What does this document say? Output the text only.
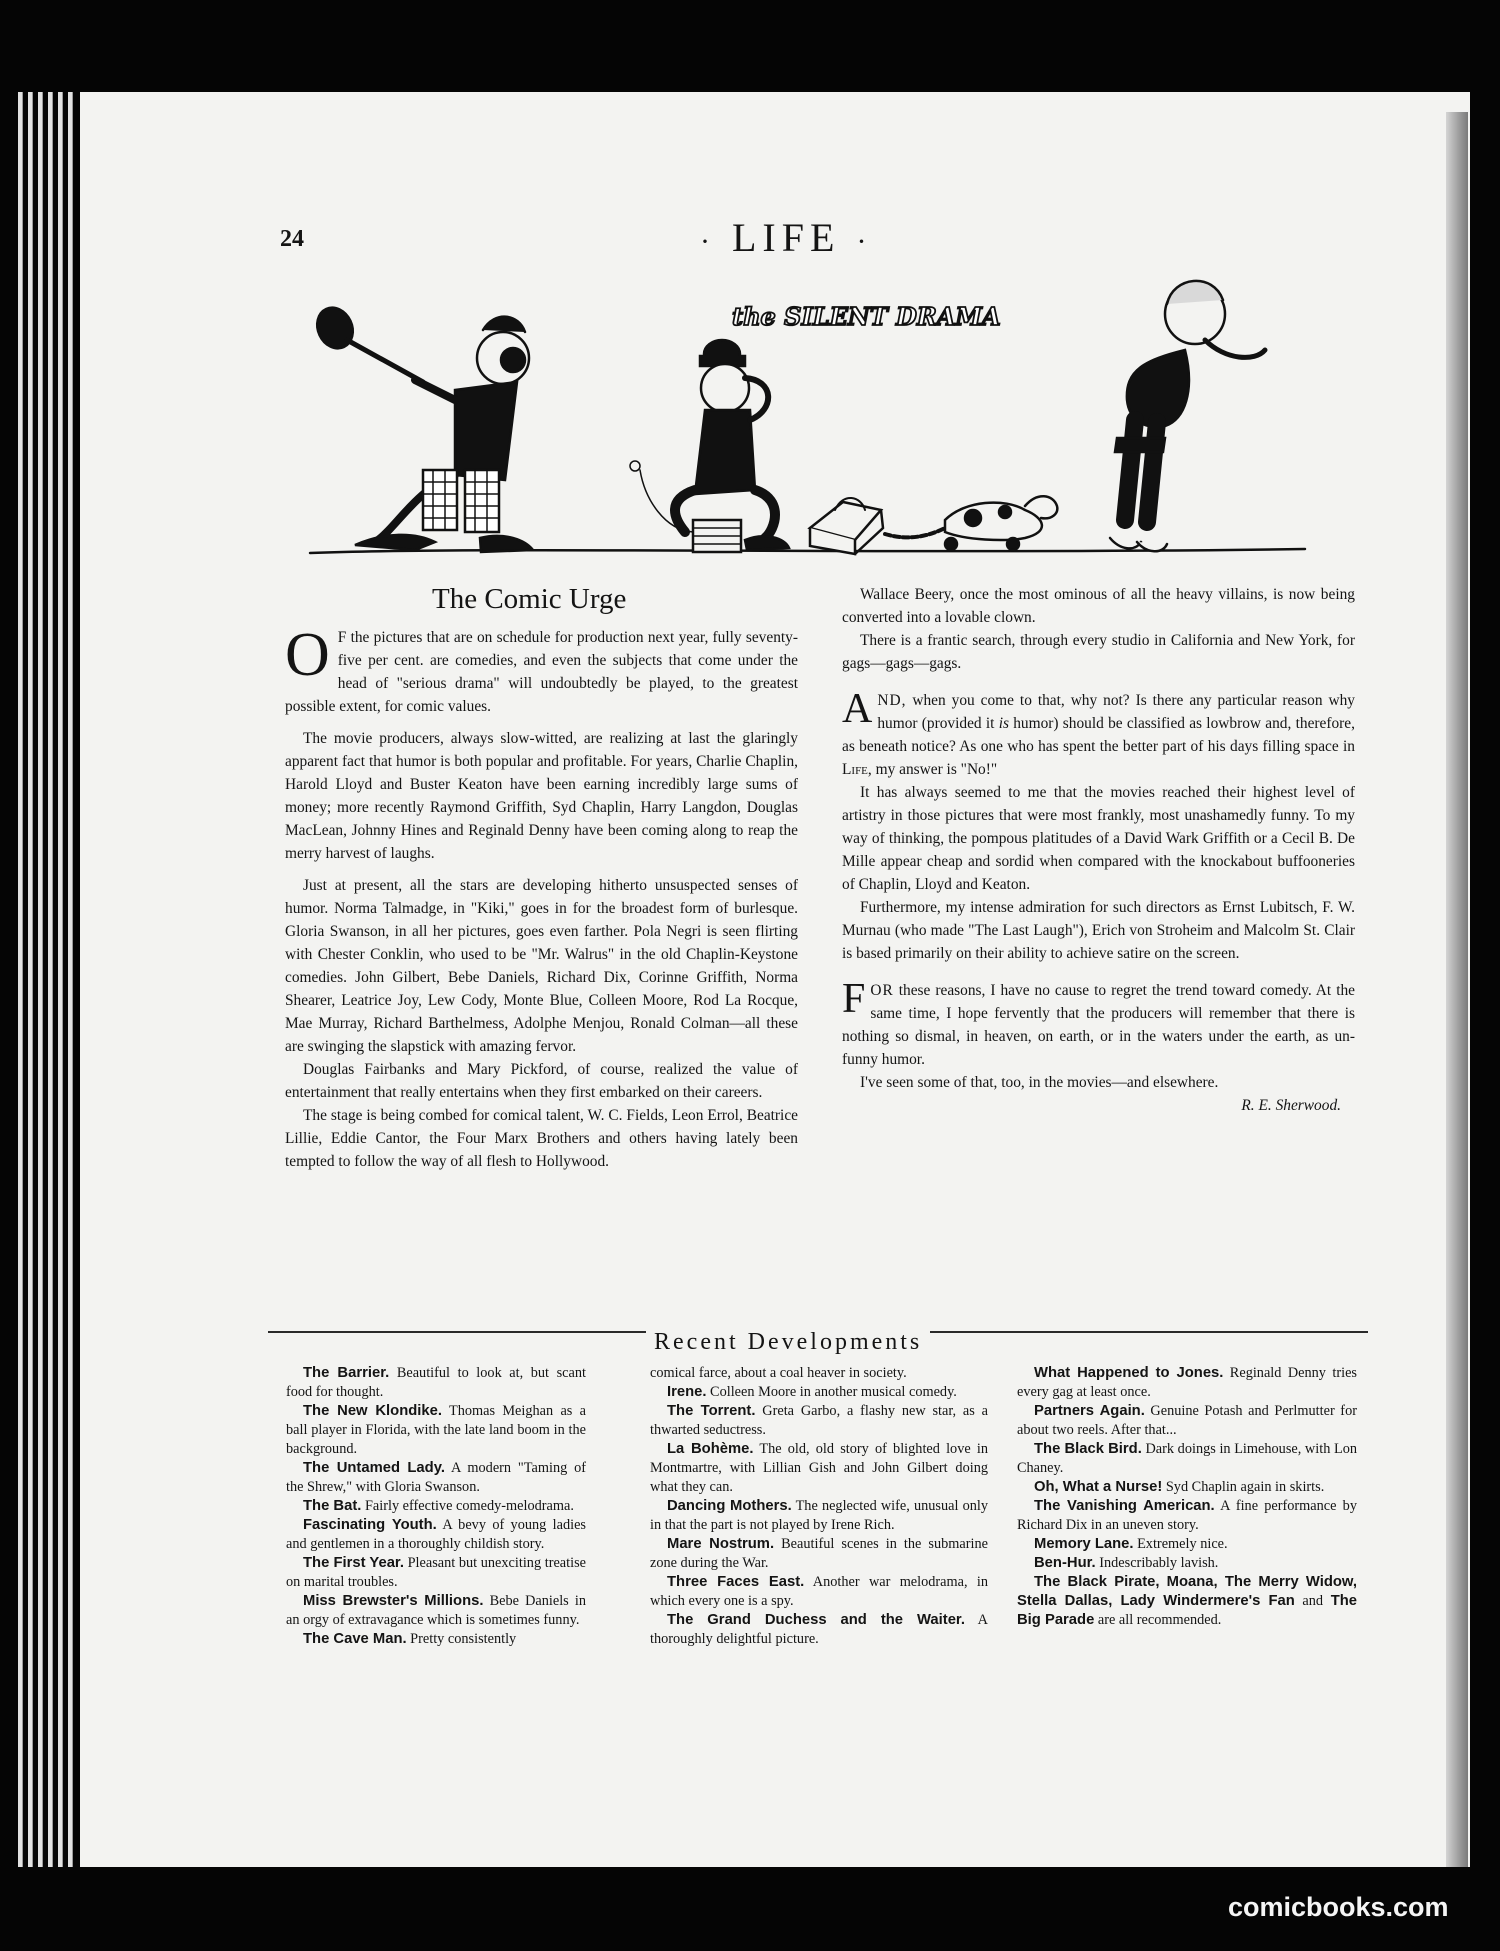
24	· LIFE ·
the SILENT DRAMA
The Comic Urge

O F the pictures that are on schedule for production next year, fully seventy-five per cent. are comedies, and even the subjects that come under the head of "serious drama" will undoubtedly be played, to the greatest possible extent, for comic values.

The movie producers, always slow-witted, are realizing at last the glaringly apparent fact that humor is both popular and profitable. For years, Charlie Chaplin, Harold Lloyd and Buster Keaton have been earning incredibly large sums of money; more recently Raymond Griffith, Syd Chaplin, Harry Langdon, Douglas MacLean, Johnny Hines and Reginald Denny have been coming along to reap the merry harvest of laughs.

Just at present, all the stars are developing hitherto unsuspected senses of humor. Norma Talmadge, in "Kiki," goes in for the broadest form of burlesque. Gloria Swanson, in all her pictures, goes even farther. Pola Negri is seen flirting with Chester Conklin, who used to be "Mr. Walrus" in the old Chaplin-Keystone comedies. John Gilbert, Bebe Daniels, Richard Dix, Corinne Griffith, Norma Shearer, Leatrice Joy, Lew Cody, Monte Blue, Colleen Moore, Rod La Rocque, Mae Murray, Richard Barthelmess, Adolphe Menjou, Ronald Colman—all these are swinging the slapstick with amazing fervor.

Douglas Fairbanks and Mary Pickford, of course, realized the value of entertainment that really entertains when they first embarked on their careers.

The stage is being combed for comical talent, W. C. Fields, Leon Errol, Beatrice Lillie, Eddie Cantor, the Four Marx Brothers and others having lately been tempted to follow the way of all flesh to Hollywood.

Wallace Beery, once the most ominous of all the heavy villains, is now being converted into a lovable clown.

There is a frantic search, through every studio in California and New York, for gags—gags—gags.

AND, when you come to that, why not? Is there any particular reason why humor (provided it is humor) should be classified as lowbrow and, therefore, as beneath notice? As one who has spent the better part of his days filling space in Life, my answer is "No!"

It has always seemed to me that the movies reached their highest level of artistry in those pictures that were most frankly, most unashamedly funny. To my way of thinking, the pompous platitudes of a David Wark Griffith or a Cecil B. De Mille appear cheap and sordid when compared with the knockabout buffooneries of Chaplin, Lloyd and Keaton.

Furthermore, my intense admiration for such directors as Ernst Lubitsch, F. W. Murnau (who made "The Last Laugh"), Erich von Stroheim and Malcolm St. Clair is based primarily on their ability to achieve satire on the screen.

FOR these reasons, I have no cause to regret the trend toward comedy. At the same time, I hope fervently that the producers will remember that there is nothing so dismal, in heaven, on earth, or in the waters under the earth, as un-funny humor.

I've seen some of that, too, in the movies—and elsewhere.

R. E. Sherwood.
Recent Developments

The Barrier. Beautiful to look at, but scant food for thought.

The New Klondike. Thomas Meighan as a ball player in Florida, with the late land boom in the background.

The Untamed Lady. A modern "Taming of the Shrew," with Gloria Swanson.

The Bat. Fairly effective comedy-melodrama.

Fascinating Youth. A bevy of young ladies and gentlemen in a thoroughly childish story.

The First Year. Pleasant but unexciting treatise on marital troubles.

Miss Brewster's Millions. Bebe Daniels in an orgy of extravagance which is sometimes funny.

The Cave Man. Pretty consistently

comical farce, about a coal heaver in society.

Irene. Colleen Moore in another musical comedy.

The Torrent. Greta Garbo, a flashy new star, as a thwarted seductress.

La Bohème. The old, old story of blighted love in Montmartre, with Lillian Gish and John Gilbert doing what they can.

Dancing Mothers. The neglected wife, unusual only in that the part is not played by Irene Rich.

Mare Nostrum. Beautiful scenes in the submarine zone during the War.

Three Faces East. Another war melodrama, in which every one is a spy.

The Grand Duchess and the Waiter. A thoroughly delightful picture.

What Happened to Jones. Reginald Denny tries every gag at least once.

Partners Again. Genuine Potash and Perlmutter for about two reels. After that...

The Black Bird. Dark doings in Limehouse, with Lon Chaney.

Oh, What a Nurse! Syd Chaplin again in skirts.

The Vanishing American. A fine performance by Richard Dix in an uneven story.

Memory Lane. Extremely nice.

Ben-Hur. Indescribably lavish.

The Black Pirate, Moana, The Merry Widow, Stella Dallas, Lady Windermere's Fan and The Big Parade are all recommended.

comicbooks.com
